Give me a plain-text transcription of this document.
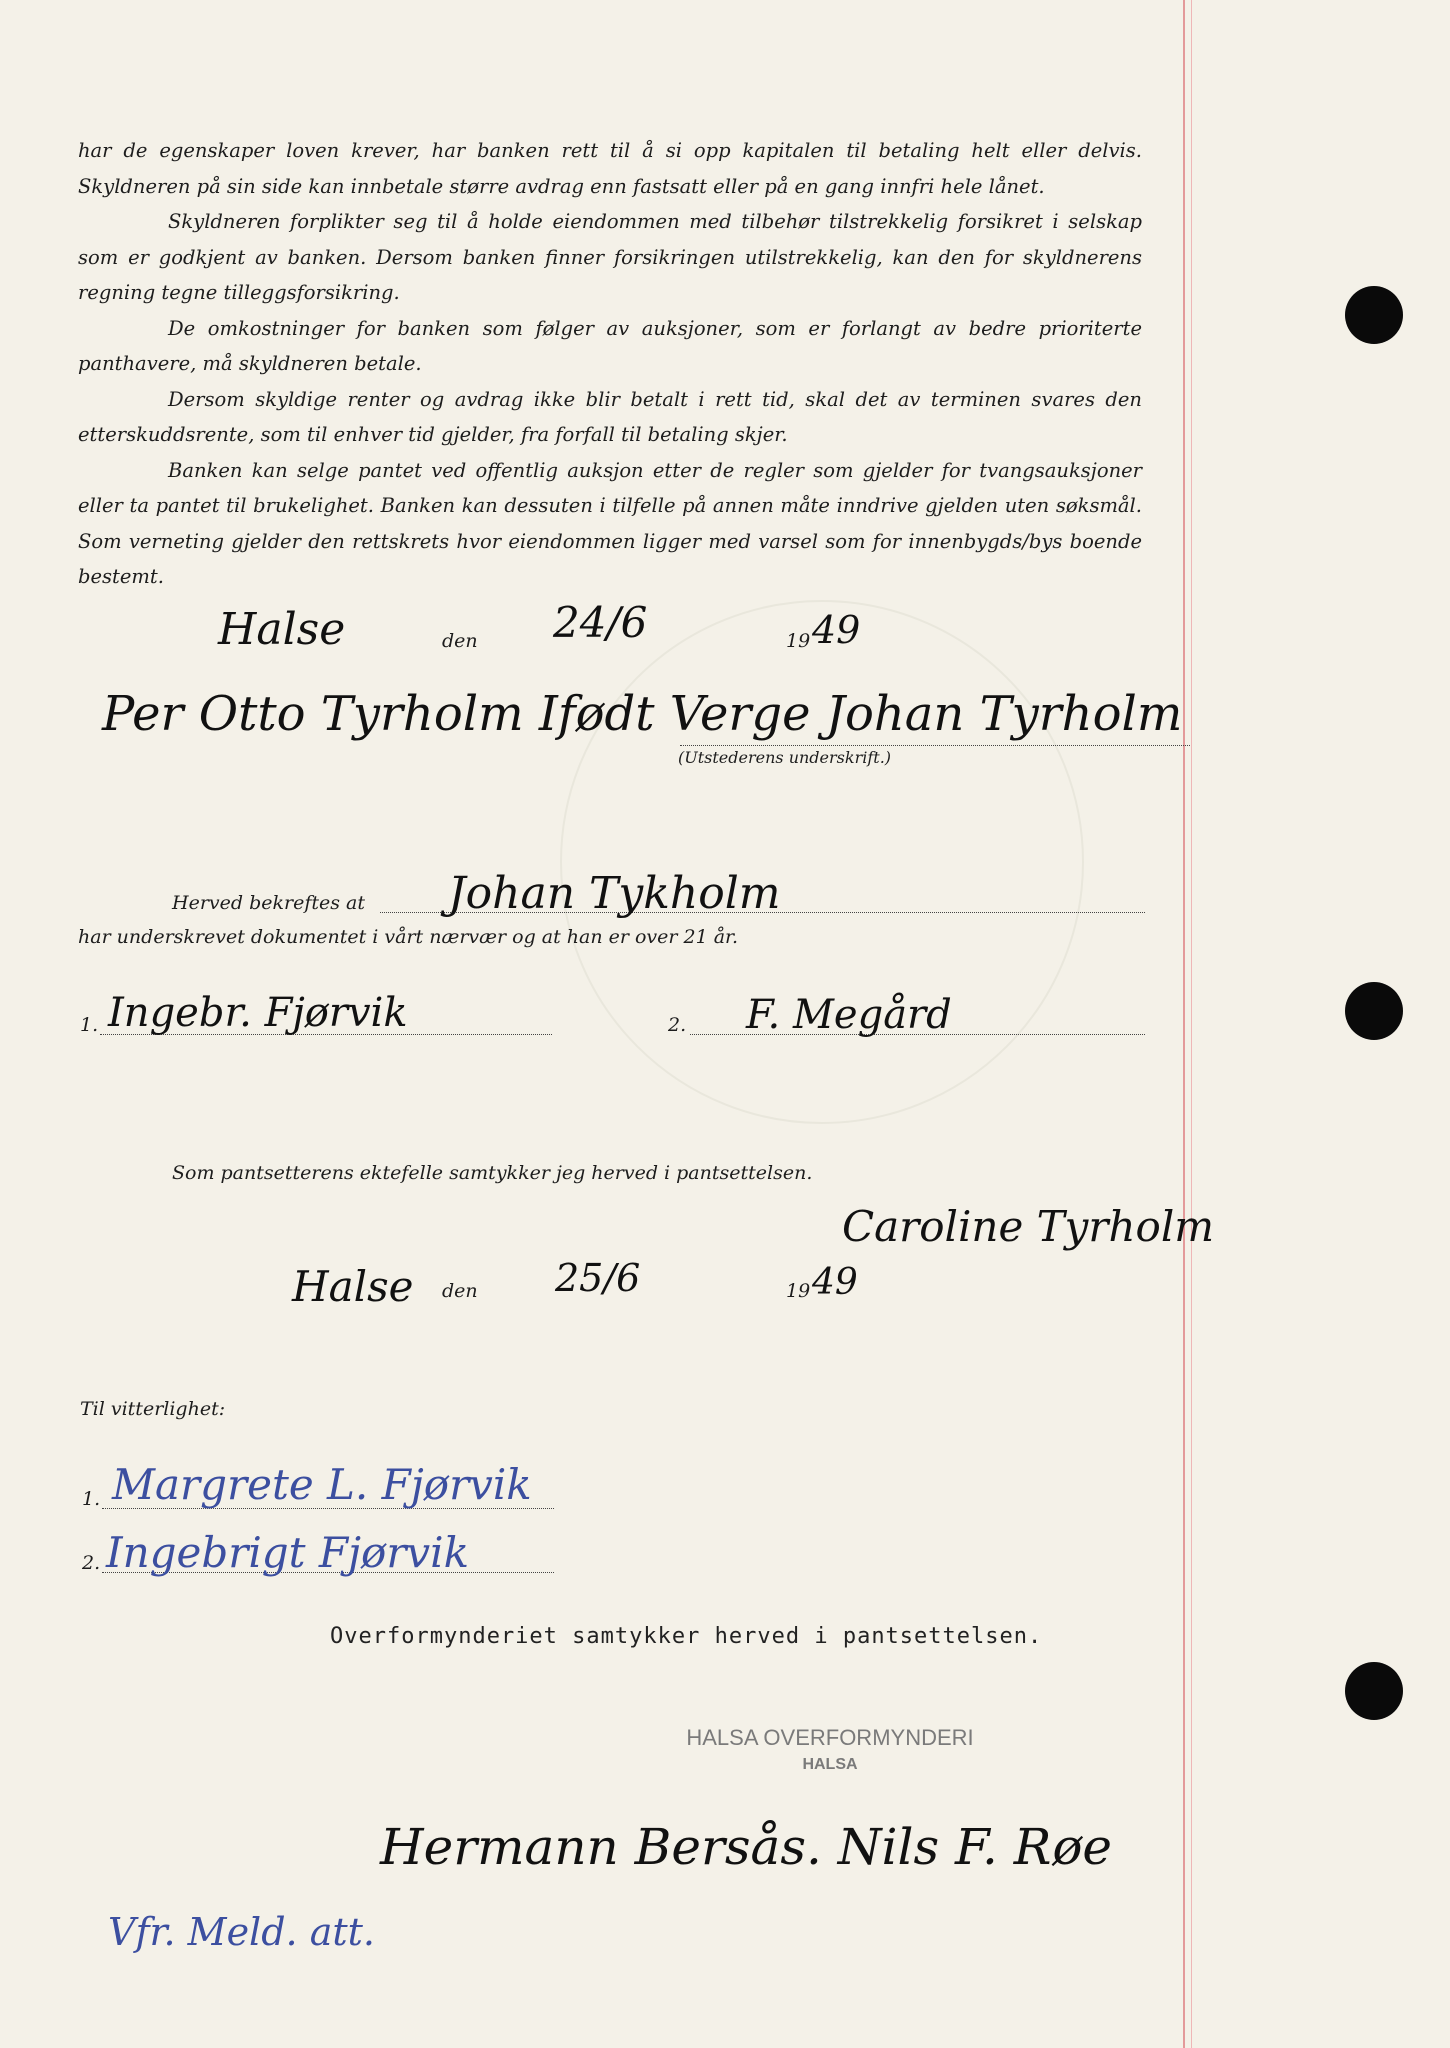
har de egenskaper loven krever, har banken rett til å si opp kapitalen til betaling helt eller delvis. Skyldneren på sin side kan innbetale større avdrag enn fastsatt eller på en gang innfri hele lånet.

Skyldneren forplikter seg til å holde eiendommen med tilbehør tilstrekkelig forsikret i selskap som er godkjent av banken. Dersom banken finner forsikringen utilstrekkelig, kan den for skyldnerens regning tegne tilleggsforsikring.

De omkostninger for banken som følger av auksjoner, som er forlangt av bedre prioriterte panthavere, må skyldneren betale.

Dersom skyldige renter og avdrag ikke blir betalt i rett tid, skal det av terminen svares den etterskuddsrente, som til enhver tid gjelder, fra forfall til betaling skjer.

Banken kan selge pantet ved offentlig auksjon etter de regler som gjelder for tvangsauksjoner eller ta pantet til brukelighet. Banken kan dessuten i tilfelle på annen måte inndrive gjelden uten søksmål. Som verneting gjelder den rettskrets hvor eiendommen ligger med varsel som for innenbygds/bys boende bestemt.

Halse	den 24/6	19 49
Per Otto Tyrholm Ifødt Verge Johan Tyrholm
(Utstederens underskrift.)
Herved bekreftes at Johan Tykholm
har underskrevet dokumentet i vårt nærvær og at han er over 21 år.
1. Ingebr. Fjørvik	2. F. Megård
Som pantsetterens ektefelle samtykker jeg herved i pantsettelsen.
Caroline Tyrholm
Halse den 25/6	19 49
Til vitterlighet:
1. Margrete L. Fjørvik
2. Ingebrigt Fjørvik
Overformynderiet samtykker herved i pantsettelsen.
HALSA OVERFORMYNDERI
HALSA
Hermann Bersås. Nils F. Røe
Vfr. Meld. att.
